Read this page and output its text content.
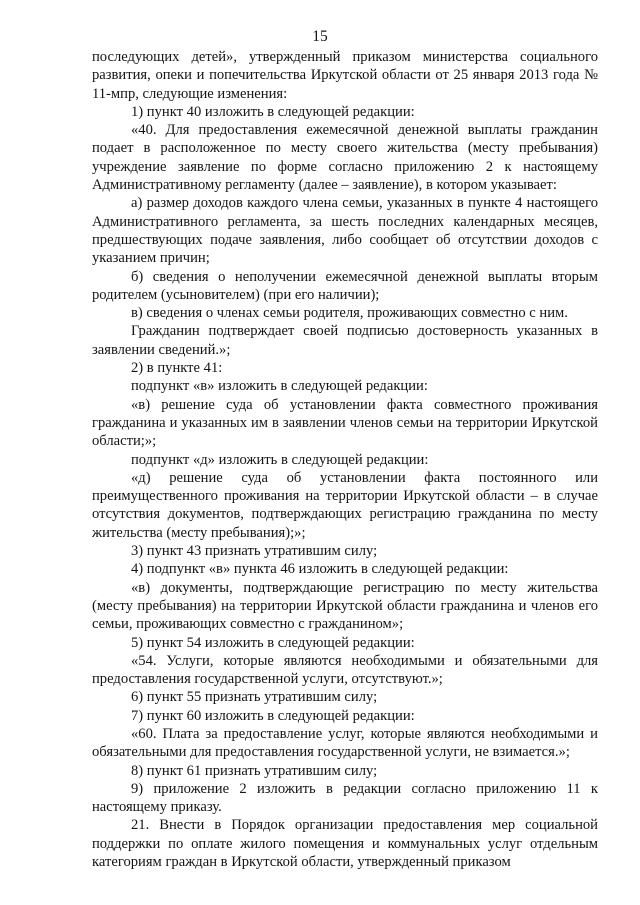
15

последующих детей», утвержденный приказом министерства социального развития, опеки и попечительства Иркутской области от 25 января 2013 года № 11-мпр, следующие изменения:

1) пункт 40 изложить в следующей редакции:

«40. Для предоставления ежемесячной денежной выплаты гражданин подает в расположенное по месту своего жительства (месту пребывания) учреждение заявление по форме согласно приложению 2 к настоящему Административному регламенту (далее – заявление), в котором указывает:

а) размер доходов каждого члена семьи, указанных в пункте 4 настоящего Административного регламента, за шесть последних календарных месяцев, предшествующих подаче заявления, либо сообщает об отсутствии доходов с указанием причин;

б) сведения о неполучении ежемесячной денежной выплаты вторым родителем (усыновителем) (при его наличии);

в) сведения о членах семьи родителя, проживающих совместно с ним.

Гражданин подтверждает своей подписью достоверность указанных в заявлении сведений.»;

2) в пункте 41:

подпункт «в» изложить в следующей редакции:

«в) решение суда об установлении факта совместного проживания гражданина и указанных им в заявлении членов семьи на территории Иркутской области;»;

подпункт «д» изложить в следующей редакции:

«д) решение суда об установлении факта постоянного или преимущественного проживания на территории Иркутской области – в случае отсутствия документов, подтверждающих регистрацию гражданина по месту жительства (месту пребывания);»;

3) пункт 43 признать утратившим силу;

4) подпункт «в» пункта 46 изложить в следующей редакции:

«в) документы, подтверждающие регистрацию по месту жительства (месту пребывания) на территории Иркутской области гражданина и членов его семьи, проживающих совместно с гражданином»;

5) пункт 54 изложить в следующей редакции:

«54. Услуги, которые являются необходимыми и обязательными для предоставления государственной услуги, отсутствуют.»;

6) пункт 55 признать утратившим силу;

7) пункт 60 изложить в следующей редакции:

«60. Плата за предоставление услуг, которые являются необходимыми и обязательными для предоставления государственной услуги, не взимается.»;

8) пункт 61 признать утратившим силу;

9) приложение 2 изложить в редакции согласно приложению 11 к настоящему приказу.

21. Внести в Порядок организации предоставления мер социальной поддержки по оплате жилого помещения и коммунальных услуг отдельным категориям граждан в Иркутской области, утвержденный приказом
